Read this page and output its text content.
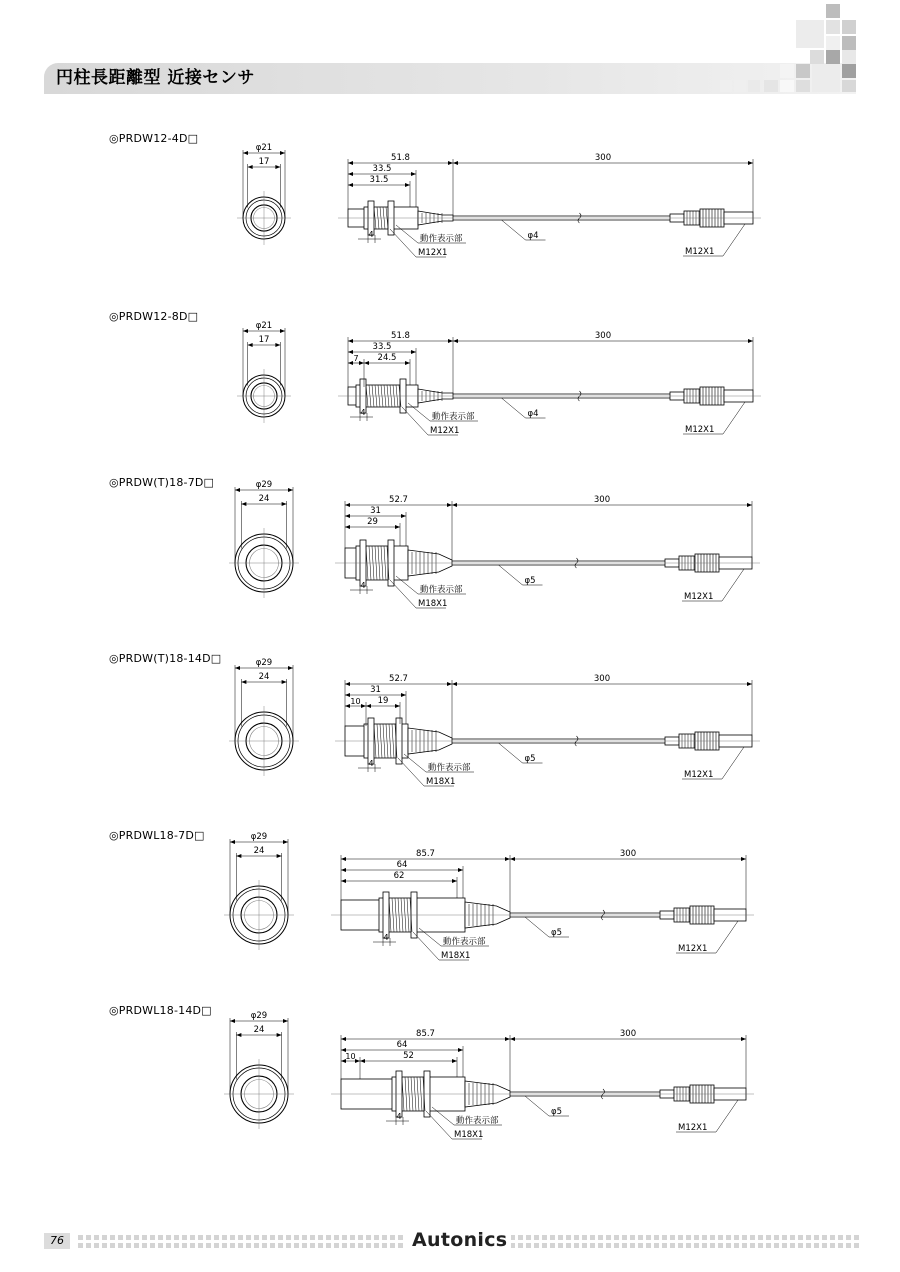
円柱長距離型 近接センサ
◎PRDW12-4D□
◎PRDW12-8D□
◎PRDW(T)18-7D□
◎PRDW(T)18-14D□
◎PRDWL18-7D□
◎PRDWL18-14D□
φ21
17	51.8	300
33.5
31.5
4	動作表示部
M12X1
φ4
M12X1
φ21
17	51.8	300
33.5
7 24.5
4	動作表示部
M12X1
φ4
M12X1
φ29
24	52.7	300
31
29
4	動作表示部
M18X1
φ5
M12X1
φ29
24	52.7	300
31
10 19
4	動作表示部
M18X1
φ5
M12X1
φ29
24	85.7	300
64
62
4	動作表示部
M18X1
φ5
M12X1
φ29
24	85.7	300
64
10	52
4	動作表示部
M18X1
φ5
M12X1
76	Autonics
